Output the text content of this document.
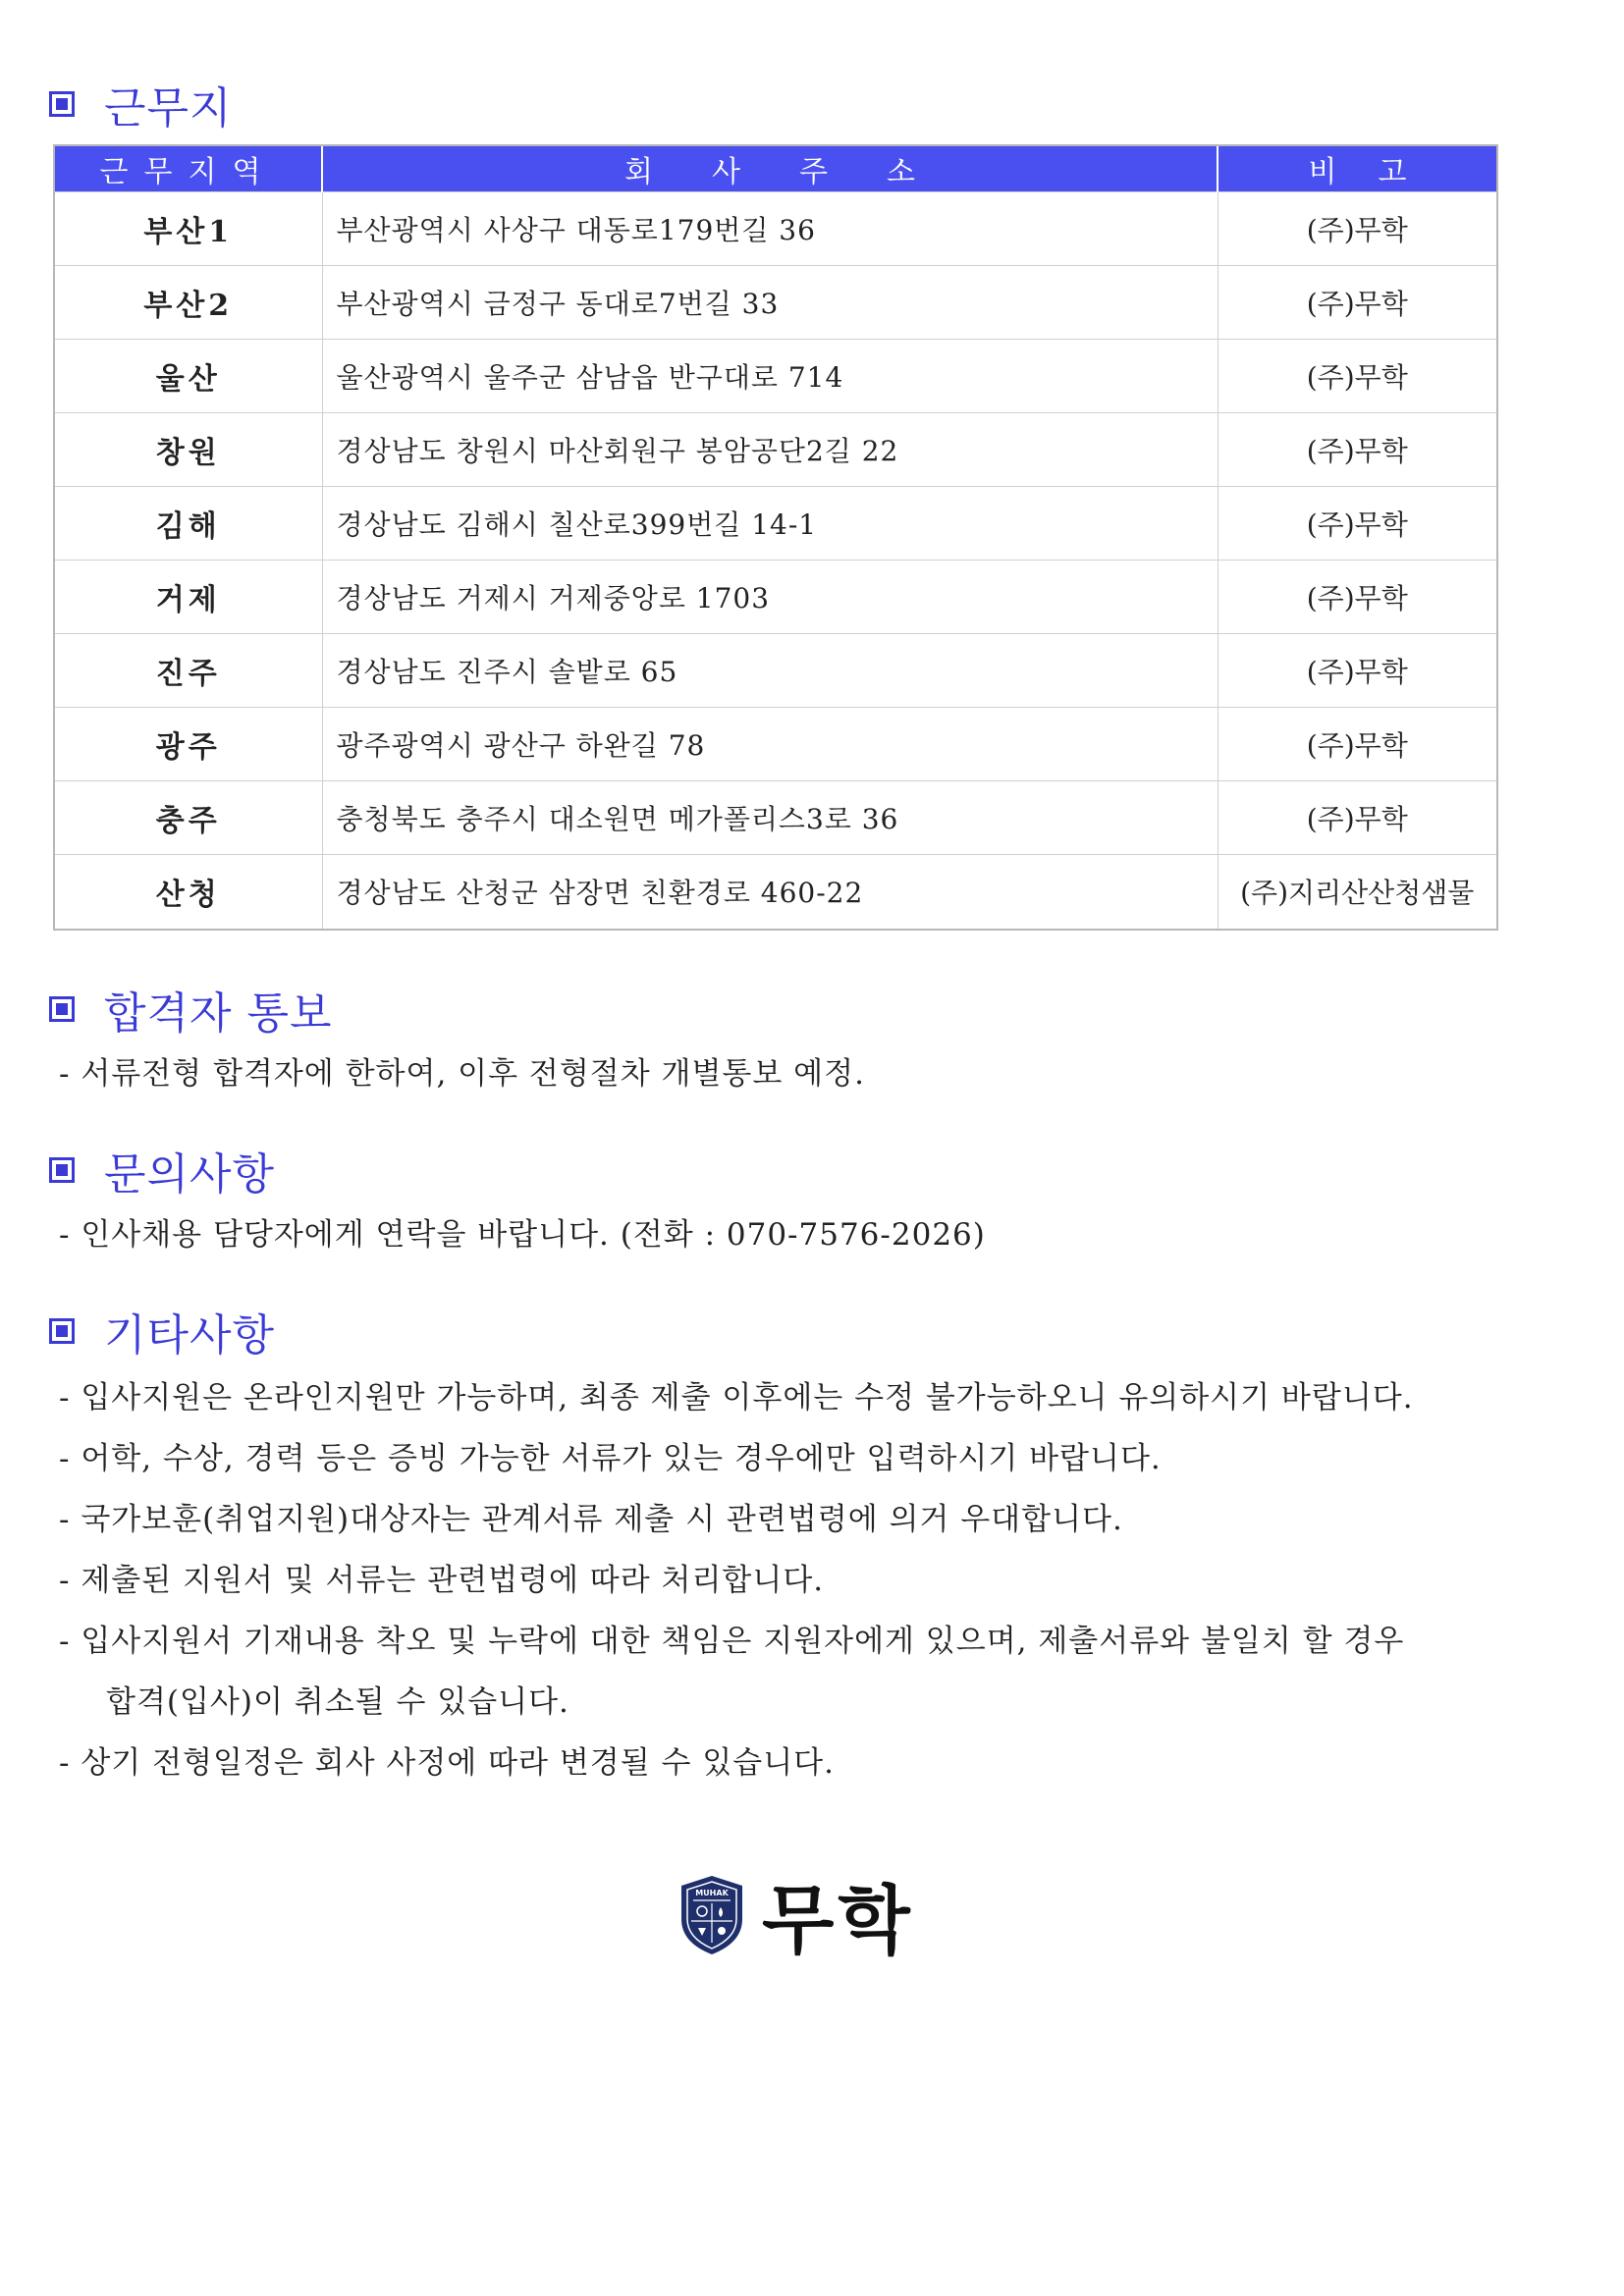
근무지
근무지역	회사주소	비고
부산1	부산광역시 사상구 대동로179번길 36	(주)무학
부산2	부산광역시 금정구 동대로7번길 33	(주)무학
울산	울산광역시 울주군 삼남읍 반구대로 714	(주)무학
창원	경상남도 창원시 마산회원구 봉암공단2길 22	(주)무학
김해	경상남도 김해시 칠산로399번길 14-1	(주)무학
거제	경상남도 거제시 거제중앙로 1703	(주)무학
진주	경상남도 진주시 솔밭로 65	(주)무학
광주	광주광역시 광산구 하완길 78	(주)무학
충주	충청북도 충주시 대소원면 메가폴리스3로 36	(주)무학
산청	경상남도 산청군 삼장면 친환경로 460-22	(주)지리산산청샘물
합격자 통보
- 서류전형 합격자에 한하여, 이후 전형절차 개별통보 예정.
문의사항
- 인사채용 담당자에게 연락을 바랍니다. (전화 : 070-7576-2026)
기타사항
- 입사지원은 온라인지원만 가능하며, 최종 제출 이후에는 수정 불가능하오니 유의하시기 바랍니다.
- 어학, 수상, 경력 등은 증빙 가능한 서류가 있는 경우에만 입력하시기 바랍니다.
- 국가보훈(취업지원)대상자는 관계서류 제출 시 관련법령에 의거 우대합니다.
- 제출된 지원서 및 서류는 관련법령에 따라 처리합니다.
- 입사지원서 기재내용 착오 및 누락에 대한 책임은 지원자에게 있으며, 제출서류와 불일치 할 경우
합격(입사)이 취소될 수 있습니다.
- 상기 전형일정은 회사 사정에 따라 변경될 수 있습니다.
MUHAK 무학
